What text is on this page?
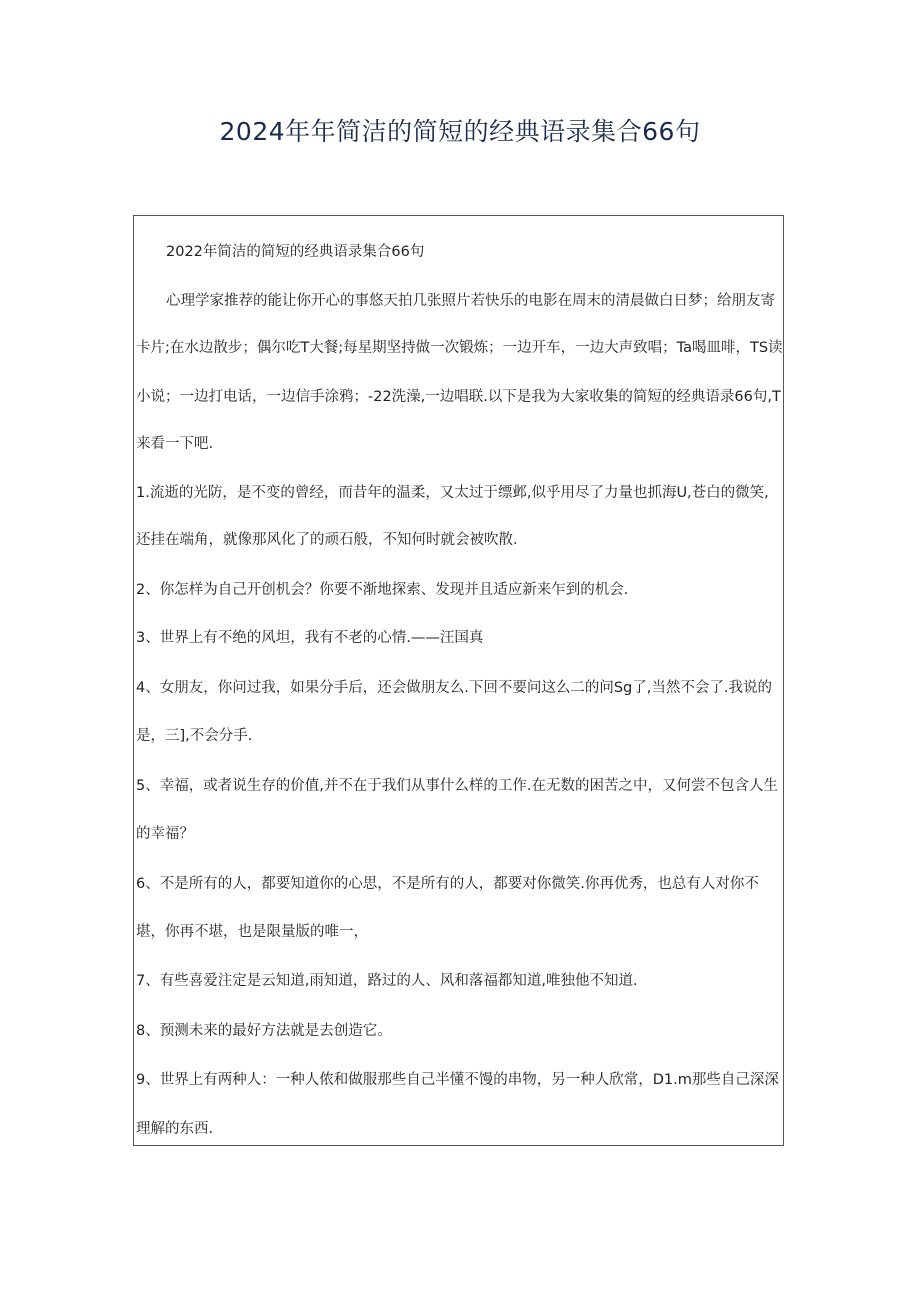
2024年年简洁的简短的经典语录集合66句
2022年简洁的简短的经典语录集合66句
心理学家推荐的能让你开心的事悠天拍几张照片若快乐的电影在周末的清晨做白日梦；给朋友寄
卡片;在水边散步；偶尔吃T大餐;每星期坚持做一次锻炼；一边开车，一边大声致唱；Ta喝皿啡，TS读
小说；一边打电话，一边信手涂鸦；-22洗澡,一边唱联.以下是我为大家收集的简短的经典语录66句,T
来看一下吧.
1.流逝的光防，是不变的曾经，而昔年的温柔，又太过于缥邺,似乎用尽了力量也抓海U,苍白的微笑,
还挂在端角，就像那风化了的顽石般，不知何时就会被吹散.
2、你怎样为自己开创机会？你要不渐地探索、发现并且适应新来乍到的机会.
3、世界上有不绝的风坦，我有不老的心情.——汪国真
4、女朋友，你问过我，如果分手后，还会做朋友么.下回不要问这么二的问Sg了,当然不会了.我说的
是，三],不会分手.
5、幸福，或者说生存的价值,并不在于我们从事什么样的工作.在无数的困苦之中，又何尝不包含人生
的幸福？
6、不是所有的人，都要知道你的心思，不是所有的人，都要对你微笑.你再优秀，也总有人对你不
堪，你再不堪，也是限量版的唯一，
7、有些喜爱注定是云知道,雨知道，路过的人、风和落福都知道,唯独他不知道.
8、预测未来的最好方法就是去创造它。
9、世界上有两种人：一种人侬和做服那些自己半懂不馒的串物，另一种人欣常，D1.m那些自己深深
理解的东西.
